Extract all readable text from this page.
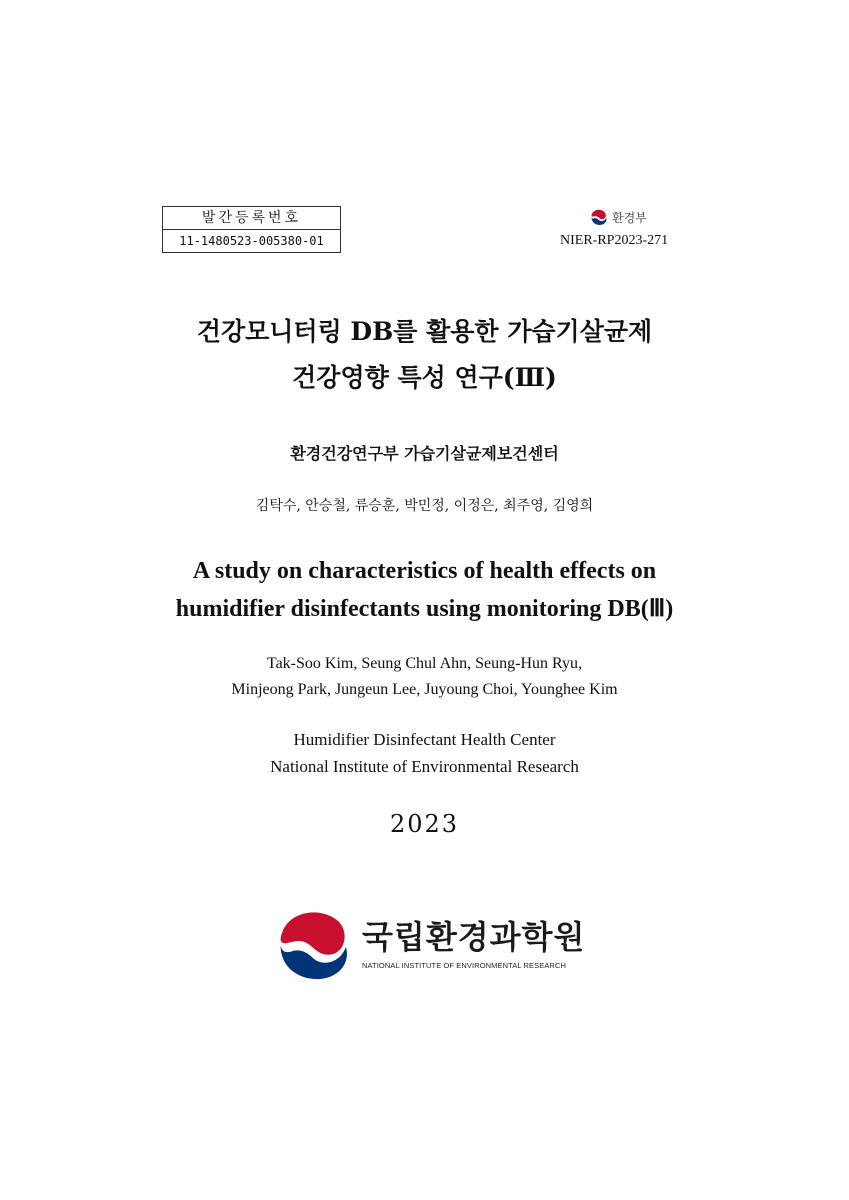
발간등록번호
11-1480523-005380-01
환경부
NIER-RP2023-271
건강모니터링 DB를 활용한 가습기살균제
건강영향 특성 연구(Ⅲ)
환경건강연구부 가습기살균제보건센터
김탁수, 안승철, 류승훈, 박민정, 이정은, 최주영, 김영희
A study on characteristics of health effects on
humidifier disinfectants using monitoring DB(Ⅲ)
Tak-Soo Kim, Seung Chul Ahn, Seung-Hun Ryu,
Minjeong Park, Jungeun Lee, Juyoung Choi, Younghee Kim
Humidifier Disinfectant Health Center
National Institute of Environmental Research
2023
국립환경과학원
NATIONAL INSTITUTE OF ENVIRONMENTAL RESEARCH
